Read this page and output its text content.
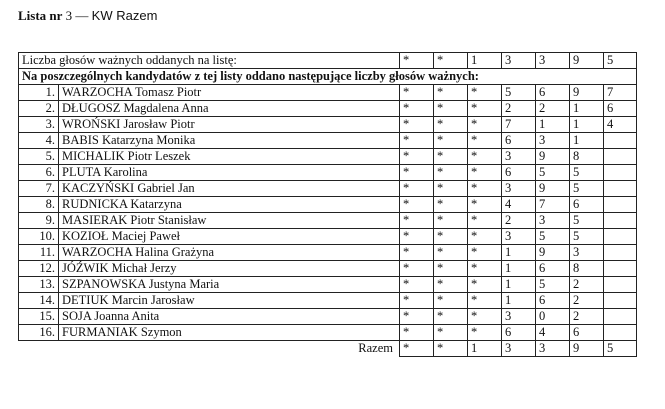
Lista nr 3 — KW Razem
Liczba głosów ważnych oddanych na listę:		*	*	1	3	3	9	5
Na poszczególnych kandydatów z tej listy oddano następujące liczby głosów ważnych:								
1.	WARZOCHA Tomasz Piotr	*	*	*	5	6	9	7
2.	DŁUGOSZ Magdalena Anna	*	*	*	2	2	1	6
3.	WROŃSKI Jarosław Piotr	*	*	*	7	1	1	4
4.	BABIS Katarzyna Monika	*	*	*	6	3	1	
5.	MICHALIK Piotr Leszek	*	*	*	3	9	8	
6.	PLUTA Karolina	*	*	*	6	5	5	
7.	KACZYŃSKI Gabriel Jan	*	*	*	3	9	5	
8.	RUDNICKA Katarzyna	*	*	*	4	7	6	
9.	MASIERAK Piotr Stanisław	*	*	*	2	3	5	
10.	KOZIOŁ Maciej Paweł	*	*	*	3	5	5	
11.	WARZOCHA Halina Grażyna	*	*	*	1	9	3	
12.	JÓŹWIK Michał Jerzy	*	*	*	1	6	8	
13.	SZPANOWSKA Justyna Maria	*	*	*	1	5	2	
14.	DETIUK Marcin Jarosław	*	*	*	1	6	2	
15.	SOJA Joanna Anita	*	*	*	3	0	2	
16.	FURMANIAK Szymon	*	*	*	6	4	6	
	Razem	*	*	1	3	3	9	5
